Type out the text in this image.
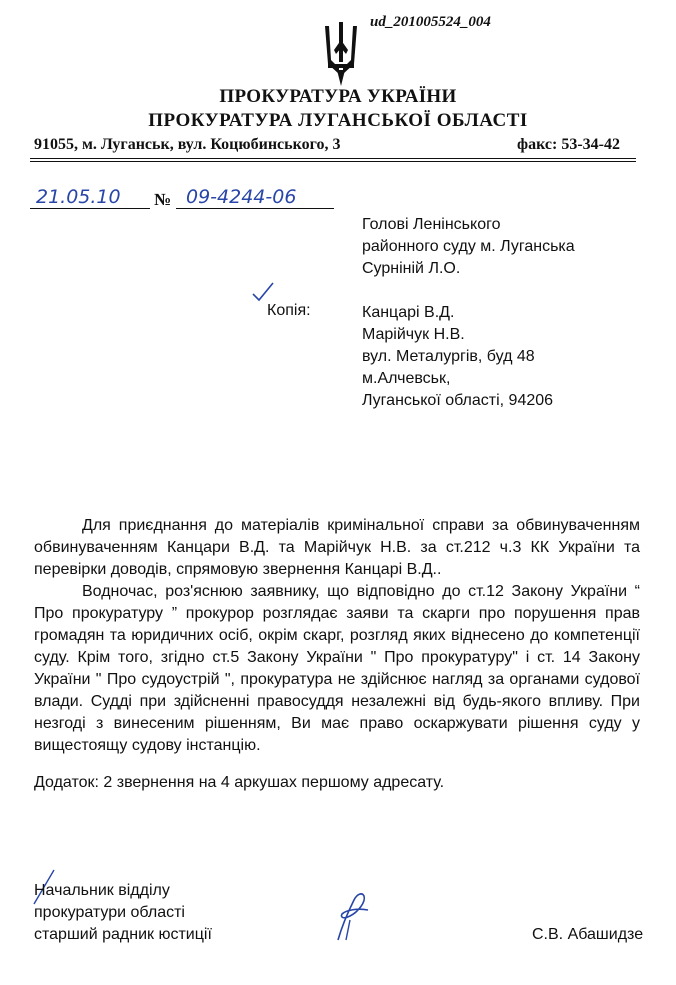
ud_201005524_004
ПРОКУРАТУРА УКРАЇНИ
ПРОКУРАТУРА ЛУГАНСЬКОЇ ОБЛАСТІ
91055, м. Луганськ, вул. Коцюбинського, 3	факс: 53-34-42
21.05.10 № 09-4244-06
Голові Ленінського
районного суду м. Луганська
Сурніній Л.О.
Копія:	Канцарі В.Д.
Марійчук Н.В.
вул. Металургів, буд 48
м.Алчевськ,
Луганської області, 94206

Для приєднання до матеріалів кримінальної справи за обвинуваченням обвинуваченням Канцари В.Д. та Марійчук Н.В. за ст.212 ч.3 КК України та перевірки доводів, спрямовую звернення Канцарі В.Д..

Водночас, роз'яснюю заявнику, що відповідно до ст.12 Закону України “ Про прокуратуру ” прокурор розглядає заяви та скарги про порушення прав громадян та юридичних осіб, окрім скарг, розгляд яких віднесено до компетенції суду. Крім того, згідно ст.5 Закону України " Про прокуратуру" і ст. 14 Закону України " Про судоустрій ", прокуратура не здійснює нагляд за органами судової влади. Судді при здійсненні правосуддя незалежні від будь-якого впливу. При незгоді з винесеним рішенням, Ви має право оскаржувати рішення суду у вищестоящу судову інстанцію.

Додаток: 2 звернення на 4 аркушах першому адресату.
Начальник відділу
прокуратури області
старший радник юстиції	С.В. Абашидзе
